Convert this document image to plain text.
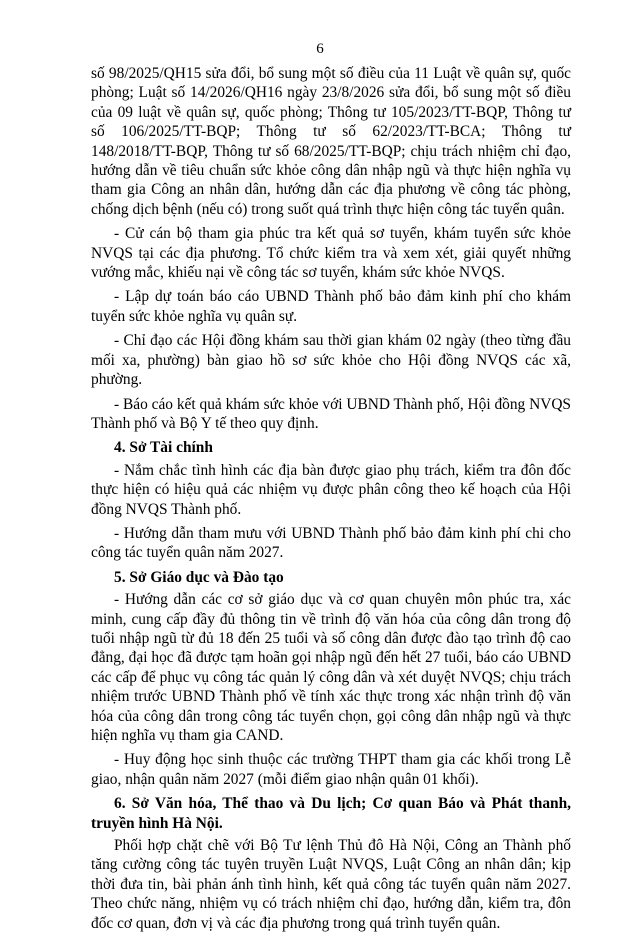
6

số 98/2025/QH15 sửa đổi, bổ sung một số điều của 11 Luật về quân sự, quốc phòng; Luật số 14/2026/QH16 ngày 23/8/2026 sửa đổi, bổ sung một số điều của 09 luật về quân sự, quốc phòng; Thông tư 105/2023/TT-BQP, Thông tư số 106/2025/TT-BQP; Thông tư số 62/2023/TT-BCA; Thông tư 148/2018/TT-BQP, Thông tư số 68/2025/TT-BQP; chịu trách nhiệm chỉ đạo, hướng dẫn về tiêu chuẩn sức khỏe công dân nhập ngũ và thực hiện nghĩa vụ tham gia Công an nhân dân, hướng dẫn các địa phương về công tác phòng, chống dịch bệnh (nếu có) trong suốt quá trình thực hiện công tác tuyển quân.

- Cử cán bộ tham gia phúc tra kết quả sơ tuyển, khám tuyển sức khỏe NVQS tại các địa phương. Tổ chức kiểm tra và xem xét, giải quyết những vướng mắc, khiếu nại về công tác sơ tuyển, khám sức khỏe NVQS.

- Lập dự toán báo cáo UBND Thành phố bảo đảm kinh phí cho khám tuyển sức khỏe nghĩa vụ quân sự.

- Chỉ đạo các Hội đồng khám sau thời gian khám 02 ngày (theo từng đầu mối xa, phường) bàn giao hồ sơ sức khỏe cho Hội đồng NVQS các xã, phường.

- Báo cáo kết quả khám sức khỏe với UBND Thành phố, Hội đồng NVQS Thành phố và Bộ Y tế theo quy định.

4. Sở Tài chính

- Nắm chắc tình hình các địa bàn được giao phụ trách, kiểm tra đôn đốc thực hiện có hiệu quả các nhiệm vụ được phân công theo kế hoạch của Hội đồng NVQS Thành phố.

- Hướng dẫn tham mưu với UBND Thành phố bảo đảm kinh phí chi cho công tác tuyển quân năm 2027.

5. Sở Giáo dục và Đào tạo

- Hướng dẫn các cơ sở giáo dục và cơ quan chuyên môn phúc tra, xác minh, cung cấp đầy đủ thông tin về trình độ văn hóa của công dân trong độ tuổi nhập ngũ từ đủ 18 đến 25 tuổi và số công dân được đào tạo trình độ cao đẳng, đại học đã được tạm hoãn gọi nhập ngũ đến hết 27 tuổi, báo cáo UBND các cấp để phục vụ công tác quản lý công dân và xét duyệt NVQS; chịu trách nhiệm trước UBND Thành phố về tính xác thực trong xác nhận trình độ văn hóa của công dân trong công tác tuyển chọn, gọi công dân nhập ngũ và thực hiện nghĩa vụ tham gia CAND.

- Huy động học sinh thuộc các trường THPT tham gia các khối trong Lễ giao, nhận quân năm 2027 (mỗi điểm giao nhận quân 01 khối).

6. Sở Văn hóa, Thể thao và Du lịch; Cơ quan Báo và Phát thanh, truyền hình Hà Nội.

Phối hợp chặt chẽ với Bộ Tư lệnh Thủ đô Hà Nội, Công an Thành phố tăng cường công tác tuyên truyền Luật NVQS, Luật Công an nhân dân; kịp thời đưa tin, bài phản ánh tình hình, kết quả công tác tuyển quân năm 2027. Theo chức năng, nhiệm vụ có trách nhiệm chỉ đạo, hướng dẫn, kiểm tra, đôn đốc cơ quan, đơn vị và các địa phương trong quá trình tuyển quân.
